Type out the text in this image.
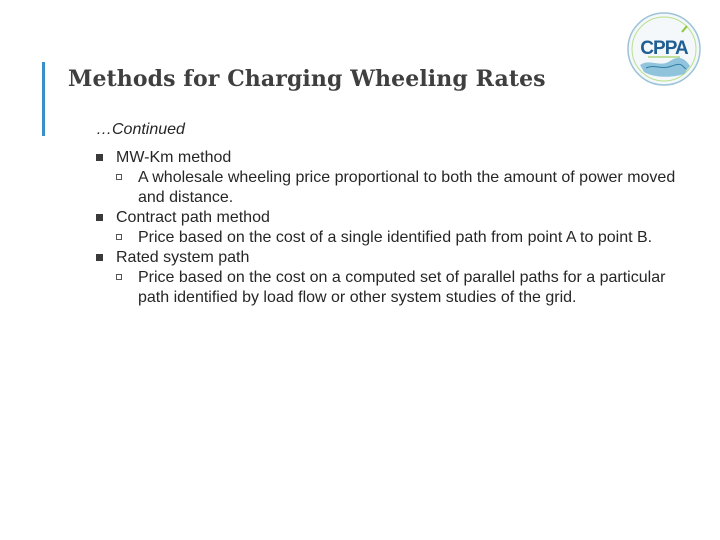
Methods for Charging Wheeling Rates
CPPA
…Continued
MW-Km method
A wholesale wheeling price proportional to both the amount of power moved and distance.
Contract path method
Price based on the cost of a single identified path from point A to point B.
Rated system path
Price based on the cost on a computed set of parallel paths for a particular path identified by load flow or other system studies of the grid.
